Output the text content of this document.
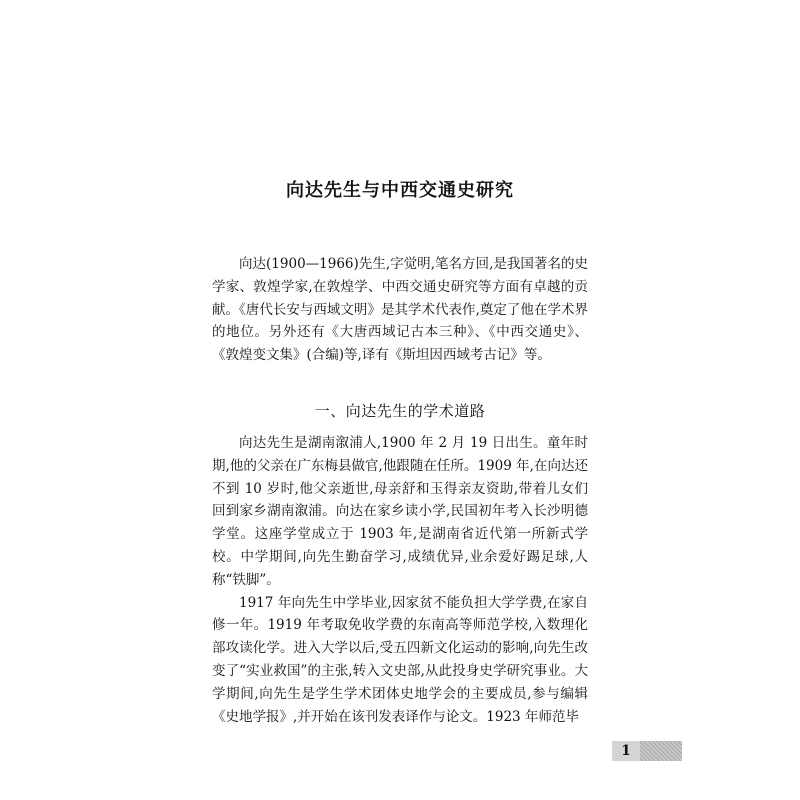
向达先生与中西交通史研究

向达(1900—1966)先生,字觉明,笔名方回,是我国著名的史学家、敦煌学家,在敦煌学、中西交通史研究等方面有卓越的贡献。《唐代长安与西域文明》是其学术代表作,奠定了他在学术界的地位。另外还有《大唐西域记古本三种》、《中西交通史》、《敦煌变文集》(合编)等,译有《斯坦因西域考古记》等。

一、向达先生的学术道路

向达先生是湖南溆浦人,1900 年 2 月 19 日出生。童年时期,他的父亲在广东梅县做官,他跟随在任所。1909 年,在向达还不到 10 岁时,他父亲逝世,母亲舒和玉得亲友资助,带着儿女们回到家乡湖南溆浦。向达在家乡读小学,民国初年考入长沙明德学堂。这座学堂成立于 1903 年,是湖南省近代第一所新式学校。中学期间,向先生勤奋学习,成绩优异,业余爱好踢足球,人称“铁脚”。

1917 年向先生中学毕业,因家贫不能负担大学学费,在家自修一年。1919 年考取免收学费的东南高等师范学校,入数理化部攻读化学。进入大学以后,受五四新文化运动的影响,向先生改变了“实业救国”的主张,转入文史部,从此投身史学研究事业。大学期间,向先生是学生学术团体史地学会的主要成员,参与编辑《史地学报》,并开始在该刊发表译作与论文。1923 年师范毕

1
